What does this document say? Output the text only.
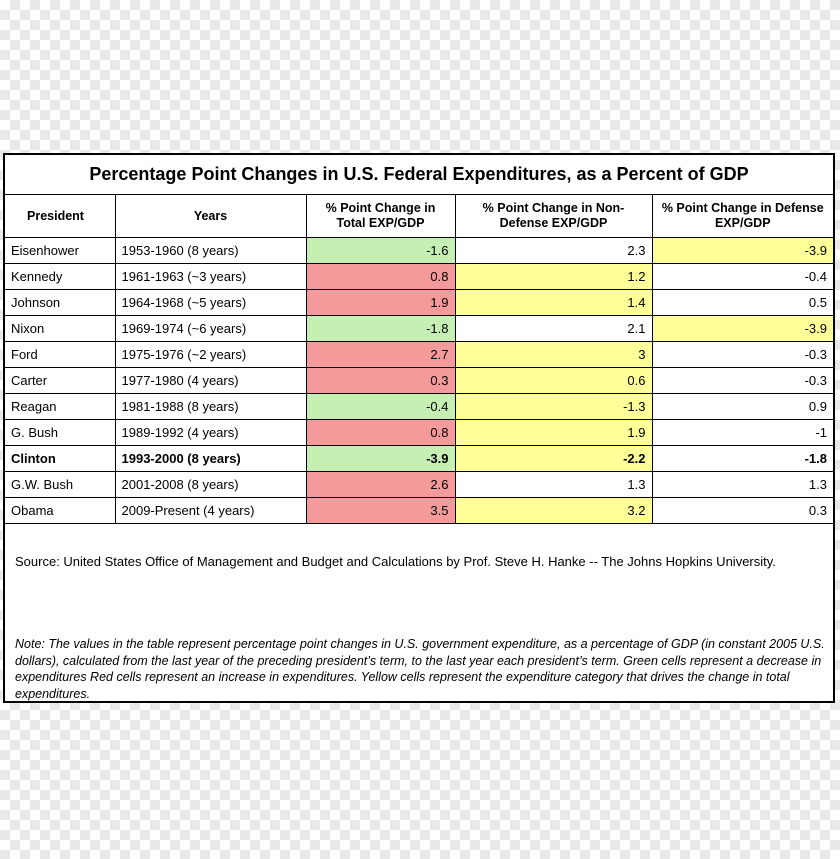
Percentage Point Changes in U.S. Federal Expenditures, as a Percent of GDP
President	Years	% Point Change in Total EXP/GDP	% Point Change in Non-Defense EXP/GDP	% Point Change in Defense EXP/GDP
Eisenhower	1953-1960 (8 years)	-1.6	2.3	-3.9
Kennedy	1961-1963 (~3 years)	0.8	1.2	-0.4
Johnson	1964-1968 (~5 years)	1.9	1.4	0.5
Nixon	1969-1974 (~6 years)	-1.8	2.1	-3.9
Ford	1975-1976 (~2 years)	2.7	3	-0.3
Carter	1977-1980 (4 years)	0.3	0.6	-0.3
Reagan	1981-1988 (8 years)	-0.4	-1.3	0.9
G. Bush	1989-1992 (4 years)	0.8	1.9	-1
Clinton	1993-2000 (8 years)	-3.9	-2.2	-1.8
G.W. Bush	2001-2008 (8 years)	2.6	1.3	1.3
Obama	2009-Present (4 years)	3.5	3.2	0.3
Source: United States Office of Management and Budget and Calculations by Prof. Steve H. Hanke -- The Johns Hopkins University.
Note: The values in the table represent percentage point changes in U.S. government expenditure, as a percentage of GDP (in constant 2005 U.S. dollars), calculated from the last year of the preceding president’s term, to the last year each president’s term. Green cells represent a decrease in expenditures Red cells represent an increase in expenditures. Yellow cells represent the expenditure category that drives the change in total expenditures.
